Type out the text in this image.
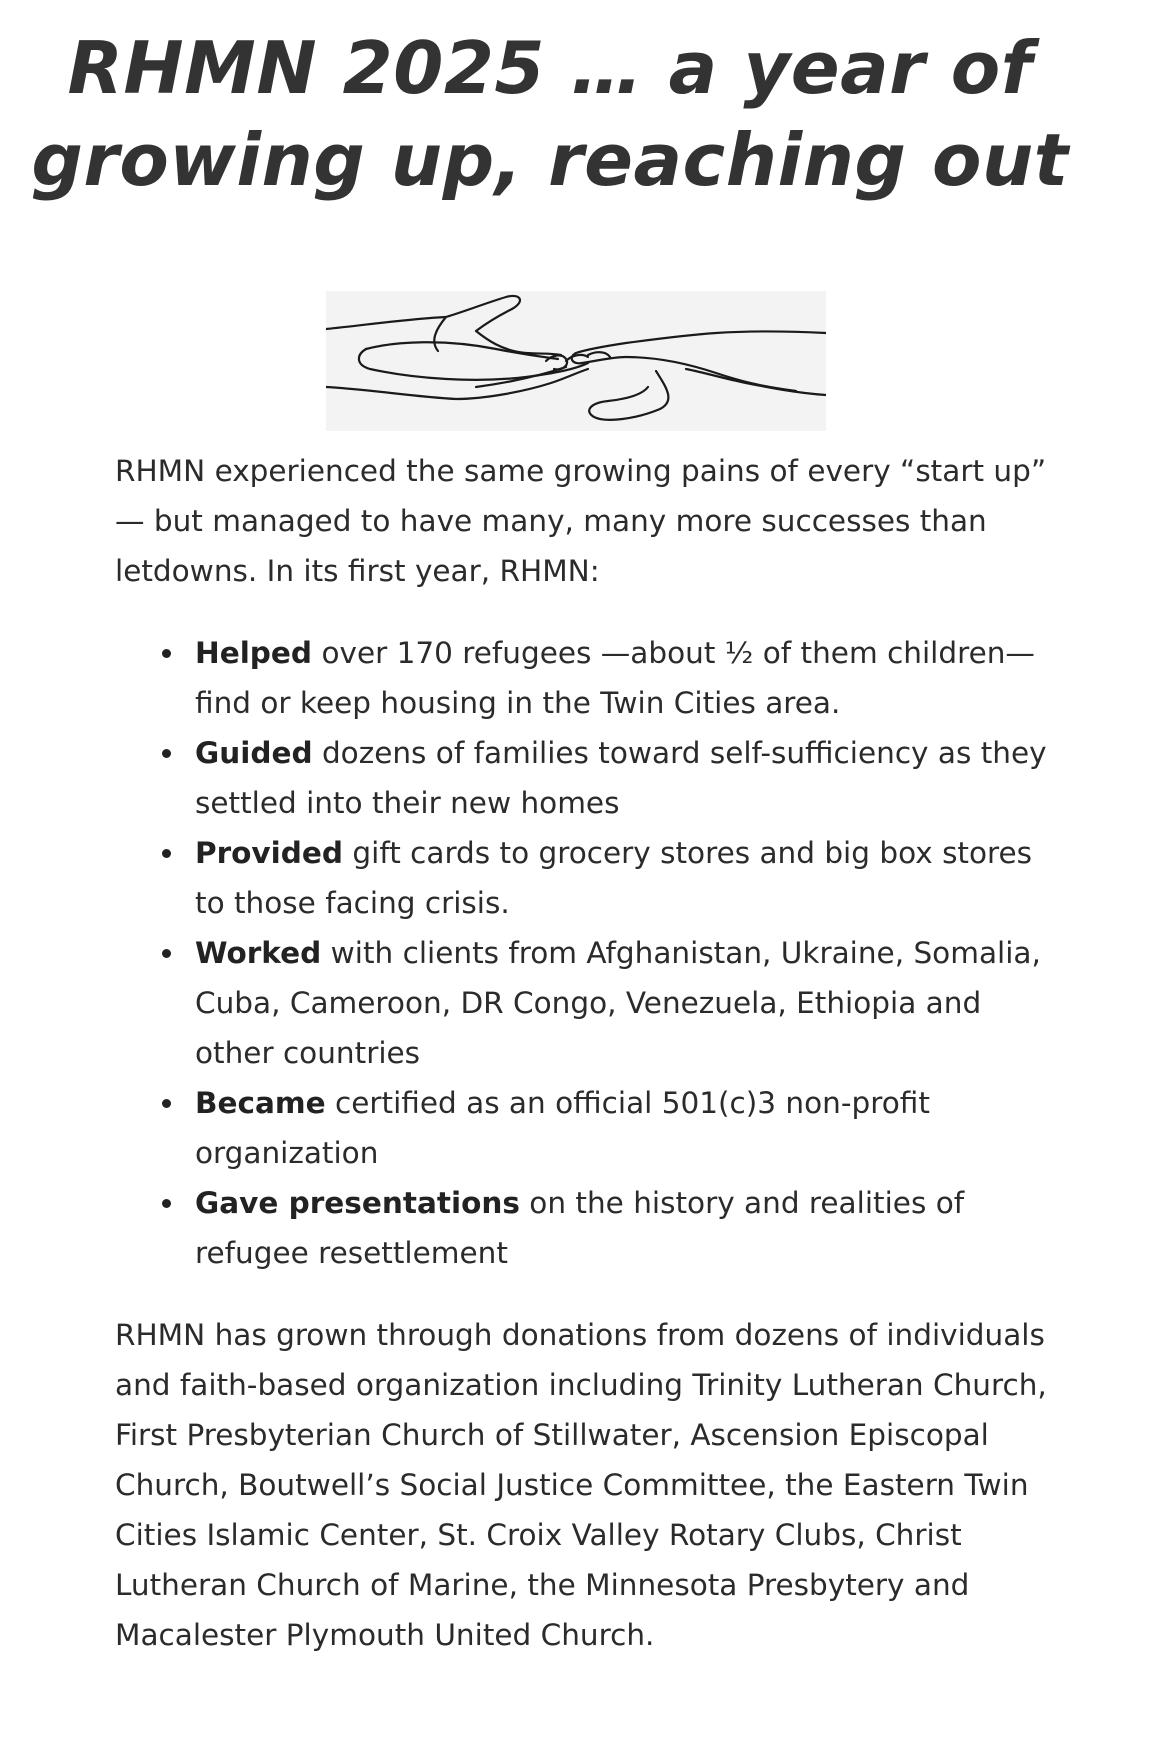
RHMN 2025 … a year of
growing up, reaching out

RHMN experienced the same growing pains of every “start up” — but managed to have many, many more successes than letdowns. In its first year, RHMN:

Helped over 170 refugees —about ½ of them children—find or keep housing in the Twin Cities area.
Guided dozens of families toward self-sufficiency as they settled into their new homes
Provided gift cards to grocery stores and big box stores to those facing crisis.
Worked with clients from Afghanistan, Ukraine, Somalia, Cuba, Cameroon, DR Congo, Venezuela, Ethiopia and other countries
Became certified as an official 501(c)3 non-profit organization
Gave presentations on the history and realities of refugee resettlement

RHMN has grown through donations from dozens of individuals and faith-based organization including Trinity Lutheran Church, First Presbyterian Church of Stillwater, Ascension Episcopal Church, Boutwell’s Social Justice Committee, the Eastern Twin Cities Islamic Center, St. Croix Valley Rotary Clubs, Christ Lutheran Church of Marine, the Minnesota Presbytery and Macalester Plymouth United Church.
